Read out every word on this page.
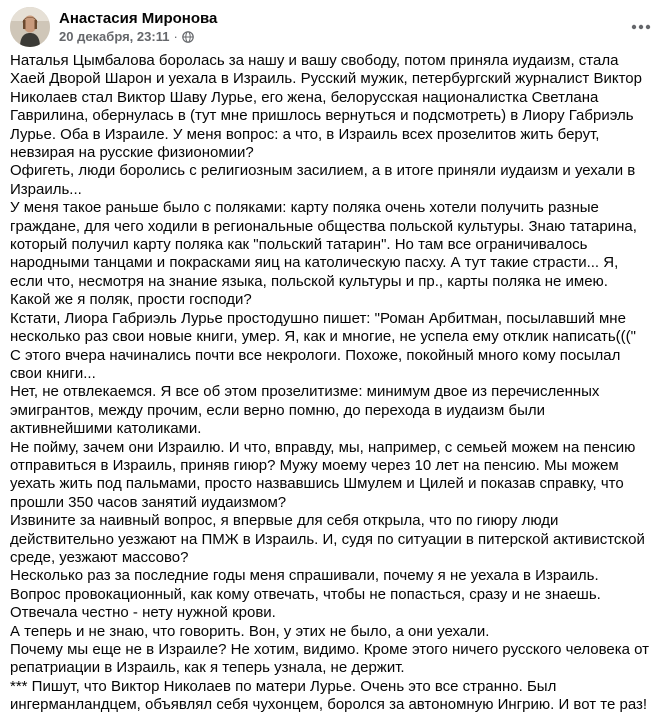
Анастасия Миронова
20 декабря, 23:11 ·

Наталья Цымбалова боролась за нашу и вашу свободу, потом приняла иудаизм, стала Хаей Дворой Шарон и уехала в Израиль. Русский мужик, петербургский журналист Виктор Николаев стал Виктор Шаву Лурье, его жена, белорусская националистка Светлана Гаврилина, обернулась в (тут мне пришлось вернуться и подсмотреть) в Лиору Габриэль Лурье. Оба в Израиле. У меня вопрос: а что, в Израиль всех прозелитов жить берут, невзирая на русские физиономии?

Офигеть, люди боролись с религиозным засилием, а в итоге приняли иудаизм и уехали в Израиль...

У меня такое раньше было с поляками: карту поляка очень хотели получить разные граждане, для чего ходили в региональные общества польской культуры. Знаю татарина, который получил карту поляка как "польский татарин". Но там все ограничивалось народными танцами и покрасками яиц на католическую пасху. А тут такие страсти... Я, если что, несмотря на знание языка, польской культуры и пр., карты поляка не имею. Какой же я поляк, прости господи?

Кстати, Лиора Габриэль Лурье простодушно пишет: "Роман Арбитман, посылавший мне несколько раз свои новые книги, умер. Я, как и многие, не успела ему отклик написать((("

С этого вчера начинались почти все некрологи. Похоже, покойный много кому посылал свои книги...

Нет, не отвлекаемся. Я все об этом прозелитизме: минимум двое из перечисленных эмигрантов, между прочим, если верно помню, до перехода в иудаизм были активнейшими католиками.

Не пойму, зачем они Израилю. И что, вправду, мы, например, с семьей можем на пенсию отправиться в Израиль, приняв гиюр? Мужу моему через 10 лет на пенсию. Мы можем уехать жить под пальмами, просто назвавшись Шмулем и Цилей и показав справку, что прошли 350 часов занятий иудаизмом?

Извините за наивный вопрос, я впервые для себя открыла, что по гиюру люди действительно уезжают на ПМЖ в Израиль. И, судя по ситуации в питерской активистской среде, уезжают массово?

Несколько раз за последние годы меня спрашивали, почему я не уехала в Израиль. Вопрос провокационный, как кому отвечать, чтобы не попасться, сразу и не знаешь. Отвечала честно - нету нужной крови.

А теперь и не знаю, что говорить. Вон, у этих не было, а они уехали.

Почему мы еще не в Израиле? Не хотим, видимо. Кроме этого ничего русского человека от репатриации в Израиль, как я теперь узнала, не держит.

*** Пишут, что Виктор Николаев по матери Лурье. Очень это все странно. Был ингерманландцем, объявлял себя чухонцем, боролся за автономную Ингрию. И вот те раз!
